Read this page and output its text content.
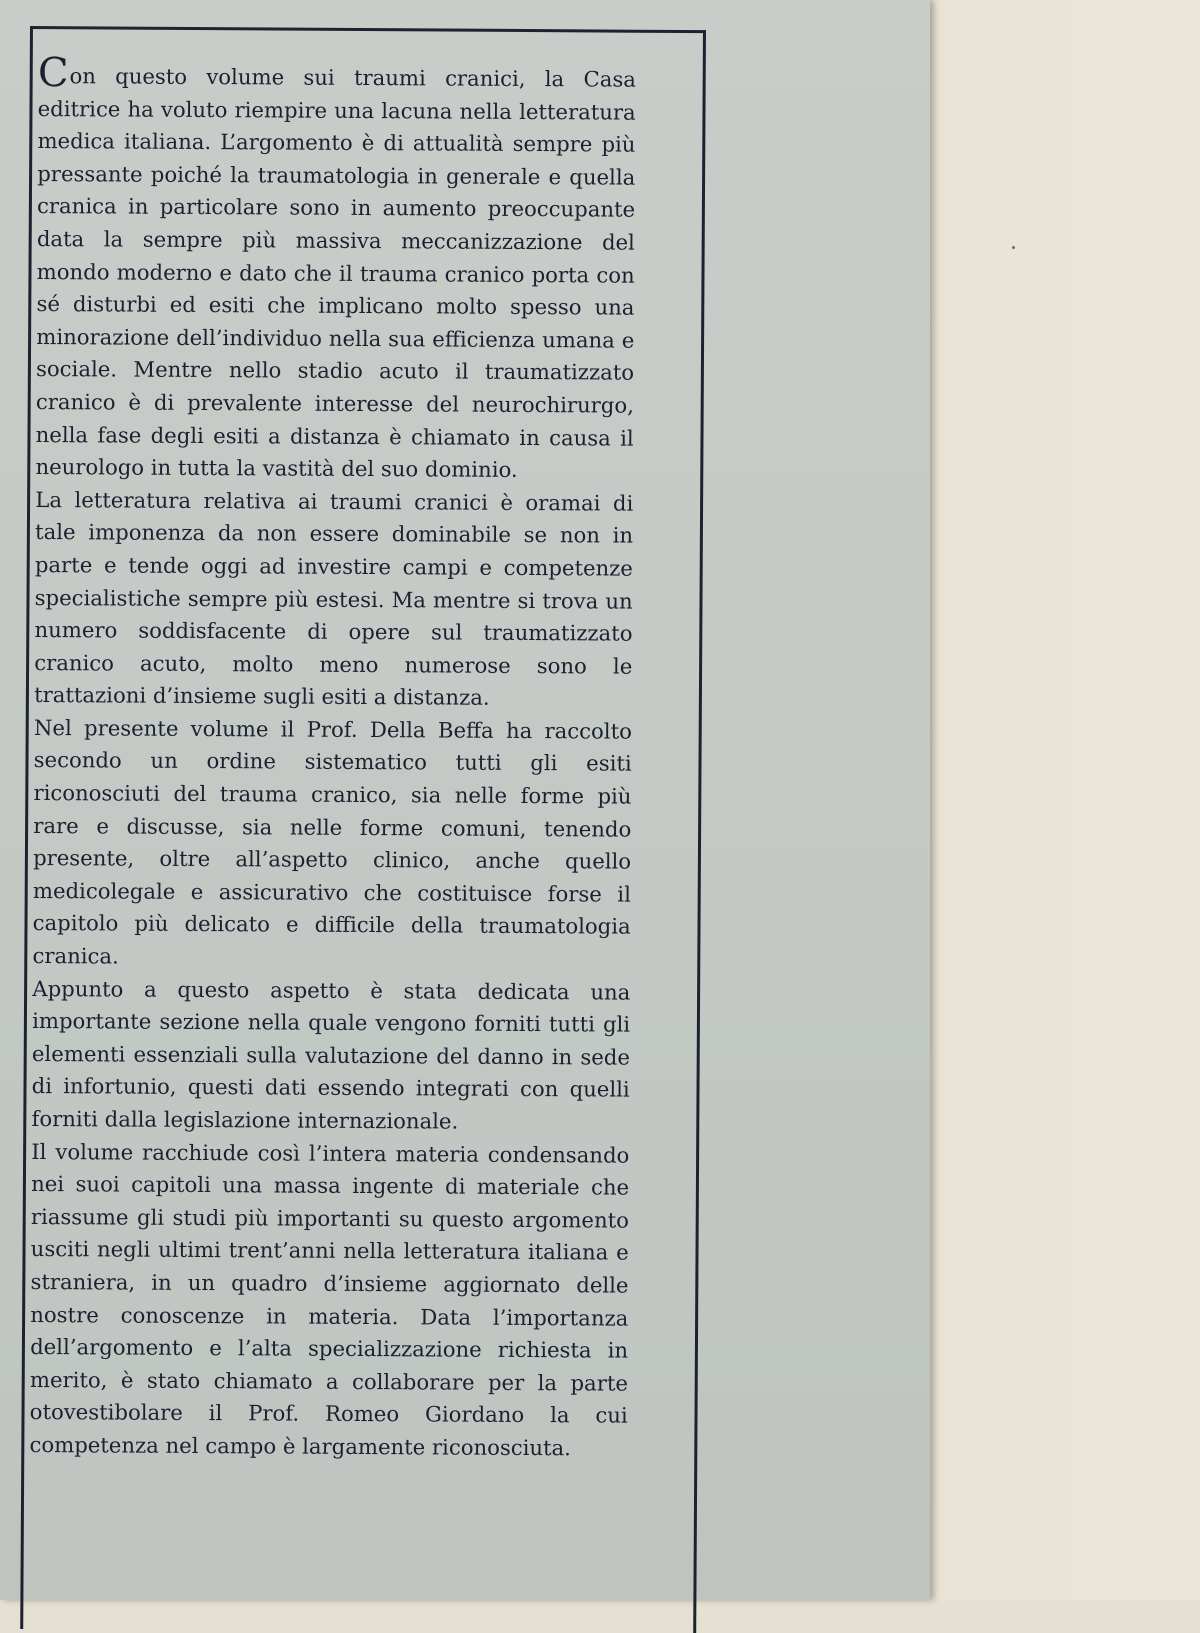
Con questo volume sui traumi cranici, la Casa editrice ha voluto riempire una lacuna nella letteratura medica italiana. L’argomento è di attualità sempre più pressante poiché la traumatologia in generale e quella cranica in particolare sono in aumento preoccupante data la sempre più massiva meccanizzazione del mondo moderno e dato che il trauma cranico porta con sé disturbi ed esiti che implicano molto spesso una minorazione dell’individuo nella sua efficienza umana e sociale. Mentre nello stadio acuto il traumatizzato cranico è di prevalente interesse del neurochirurgo, nella fase degli esiti a distanza è chiamato in causa il neurologo in tutta la vastità del suo dominio.

La letteratura relativa ai traumi cranici è oramai di tale imponenza da non essere dominabile se non in parte e tende oggi ad investire campi e competenze specialistiche sempre più estesi. Ma mentre si trova un numero soddisfacente di opere sul traumatizzato cranico acuto, molto meno numerose sono le trattazioni d’insieme sugli esiti a distanza.

Nel presente volume il Prof. Della Beffa ha raccolto secondo un ordine sistematico tutti gli esiti riconosciuti del trauma cranico, sia nelle forme più rare e discusse, sia nelle forme comuni, tenendo presente, oltre all’aspetto clinico, anche quello medicolegale e assicurativo che costituisce forse il capitolo più delicato e difficile della traumatologia cranica.

Appunto a questo aspetto è stata dedicata una importante sezione nella quale vengono forniti tutti gli elementi essenziali sulla valutazione del danno in sede di infortunio, questi dati essendo integrati con quelli forniti dalla legislazione internazionale.

Il volume racchiude così l’intera materia condensando nei suoi capitoli una massa ingente di materiale che riassume gli studi più importanti su questo argomento usciti negli ultimi trent’anni nella letteratura italiana e straniera, in un quadro d’insieme aggiornato delle nostre conoscenze in materia. Data l’importanza dell’argomento e l’alta specializzazione richiesta in merito, è stato chiamato a collaborare per la parte otovestibolare il Prof. Romeo Giordano la cui competenza nel campo è largamente riconosciuta.
